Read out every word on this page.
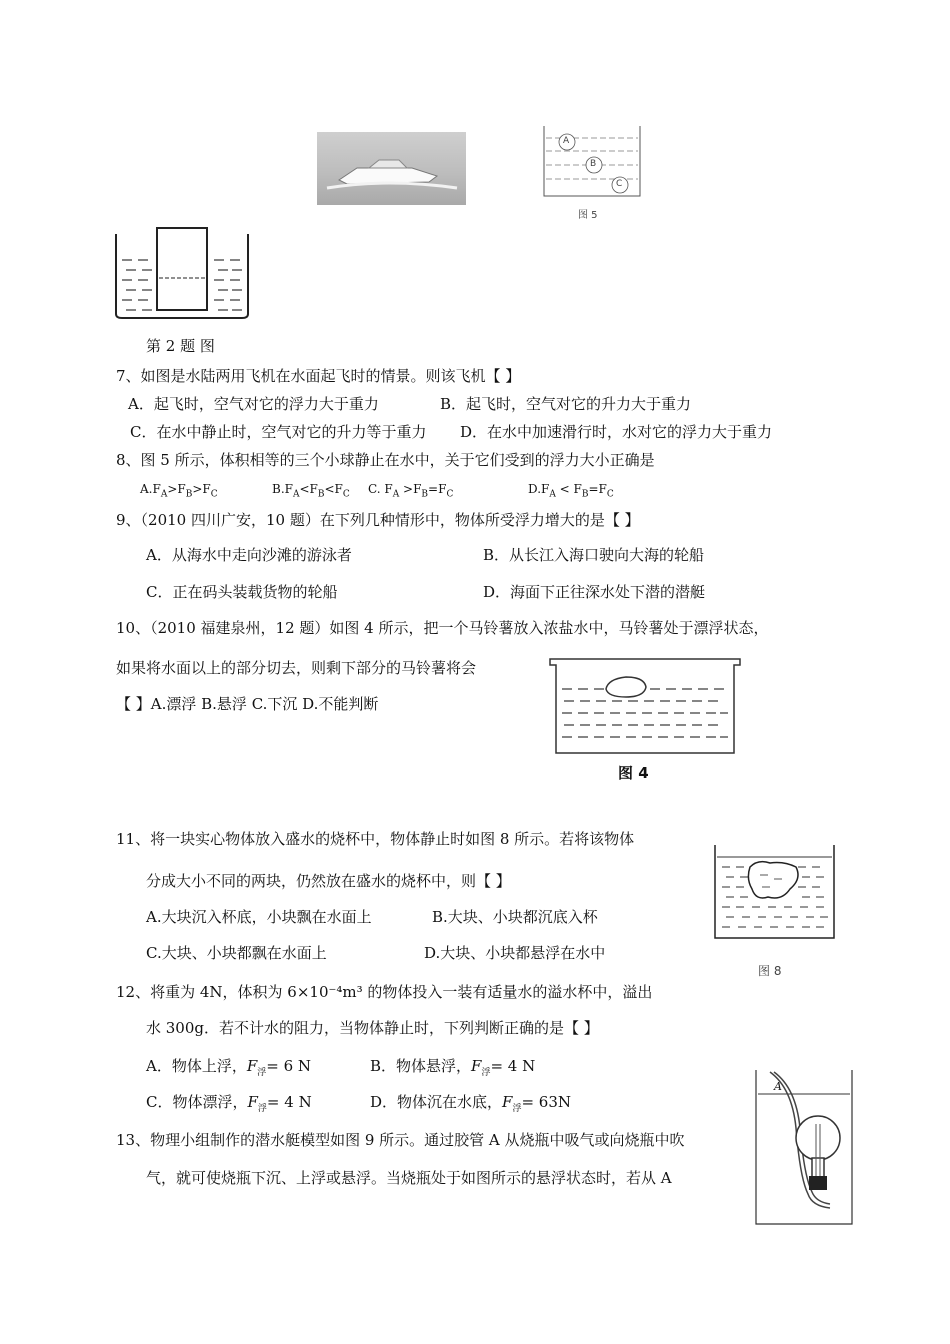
A
B
C
图 5
第 2 题 图
7、如图是水陆两用飞机在水面起飞时的情景。则该飞机【 】
A．起飞时，空气对它的浮力大于重力	B．起飞时，空气对它的升力大于重力
C．在水中静止时，空气对它的升力等于重力 D．在水中加速滑行时，水对它的浮力大于重力
8、图 5 所示，体积相等的三个小球静止在水中，关于它们受到的浮力大小正确是
$A.F_A>F_B>F_C$	$B.F_A<F_B<F_C$ C. $F_A >F_B=F_C$	$D.F_A < F_B=F_C$
9、（2010 四川广安，10 题）在下列几种情形中，物体所受浮力增大的是【 】
A．从海水中走向沙滩的游泳者	B．从长江入海口驶向大海的轮船
C．正在码头装载货物的轮船	D．海面下正往深水处下潜的潜艇
10、（2010 福建泉州，12 题）如图 4 所示，把一个马铃薯放入浓盐水中，马铃薯处于漂浮状态，
如果将水面以上的部分切去，则剩下部分的马铃薯将会
【 】A.漂浮 B.悬浮 C.下沉 D.不能判断
图 4
11、将一块实心物体放入盛水的烧杯中，物体静止时如图 8 所示。若将该物体
分成大小不同的两块，仍然放在盛水的烧杯中，则【 】
A.大块沉入杯底，小块飘在水面上	B.大块、小块都沉底入杯
C.大块、小块都飘在水面上	D.大块、小块都悬浮在水中
图 8
12、将重为 4N，体积为 6×10⁻⁴m³ 的物体投入一装有适量水的溢水杯中，溢出
水 300g．若不计水的阻力，当物体静止时，下列判断正确的是【 】
A．物体上浮，$F_浮= 6$ N	B．物体悬浮，$F_浮= 4$ N
C．物体漂浮，$F_浮= 4$ N	D．物体沉在水底，$F_浮= 63N$
13、物理小组制作的潜水艇模型如图 9 所示。通过胶管 A 从烧瓶中吸气或向烧瓶中吹
气，就可使烧瓶下沉、上浮或悬浮。当烧瓶处于如图所示的悬浮状态时，若从 A
A
